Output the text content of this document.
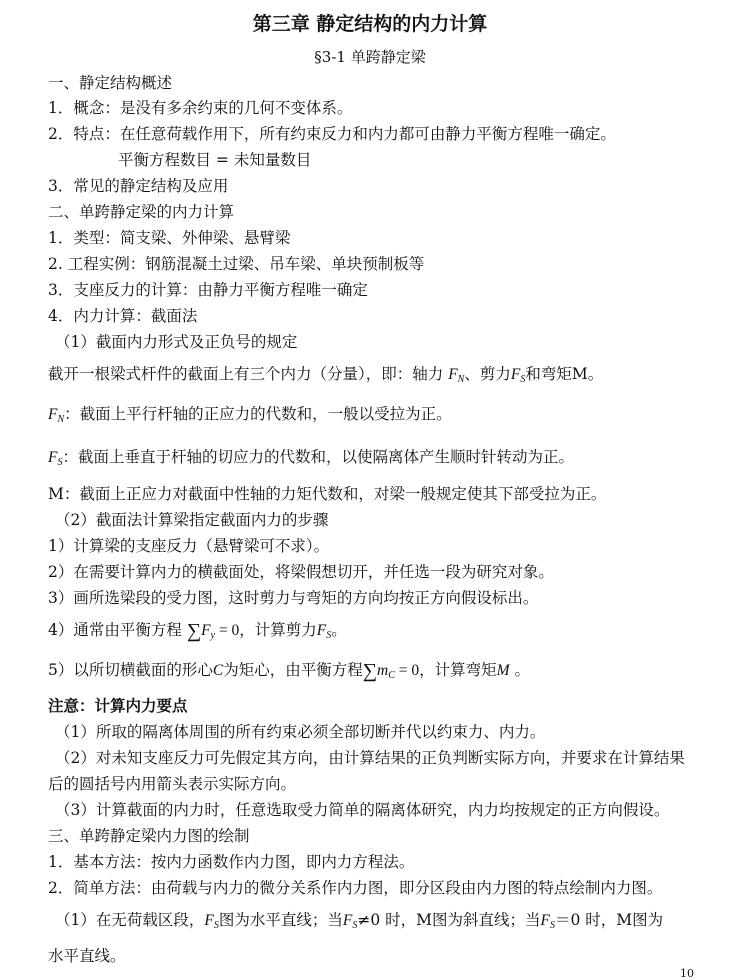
第三章 静定结构的内力计算
§3-1 单跨静定梁
一、静定结构概述
1．概念：是没有多余约束的几何不变体系。
2．特点：在任意荷载作用下，所有约束反力和内力都可由静力平衡方程唯一确定。
平衡方程数目 = 未知量数目
3．常见的静定结构及应用
二、单跨静定梁的内力计算
1．类型：简支梁、外伸梁、悬臂梁
2. 工程实例：钢筋混凝土过梁、吊车梁、单块预制板等
3．支座反力的计算：由静力平衡方程唯一确定
4．内力计算：截面法
（1）截面内力形式及正负号的规定
截开一根梁式杆件的截面上有三个内力（分量），即：轴力 $F_N$、剪力$F_S$和弯矩M。
$F_N$：截面上平行杆轴的正应力的代数和，一般以受拉为正。
$F_S$：截面上垂直于杆轴的切应力的代数和，以使隔离体产生顺时针转动为正。
M：截面上正应力对截面中性轴的力矩代数和，对梁一般规定使其下部受拉为正。
（2）截面法计算梁指定截面内力的步骤
1）计算梁的支座反力（悬臂梁可不求）。
2）在需要计算内力的横截面处，将梁假想切开，并任选一段为研究对象。
3）画所选梁段的受力图，这时剪力与弯矩的方向均按正方向假设标出。
4）通常由平衡方程 $\sum F_y = 0$，计算剪力$F_S$。
5）以所切横截面的形心C为矩心，由平衡方程$\sum m_C = 0$，计算弯矩M 。
注意：计算内力要点
（1）所取的隔离体周围的所有约束必须全部切断并代以约束力、内力。
（2）对未知支座反力可先假定其方向，由计算结果的正负判断实际方向，并要求在计算结果
后的圆括号内用箭头表示实际方向。
（3）计算截面的内力时，任意选取受力简单的隔离体研究，内力均按规定的正方向假设。
三、单跨静定梁内力图的绘制
1．基本方法：按内力函数作内力图，即内力方程法。
2．简单方法：由荷载与内力的微分关系作内力图，即分区段由内力图的特点绘制内力图。
（1）在无荷载区段，$F_S$图为水平直线；当$F_S\ne 0$ 时，M图为斜直线；当$F_S=0$ 时，M图为
水平直线。
10
